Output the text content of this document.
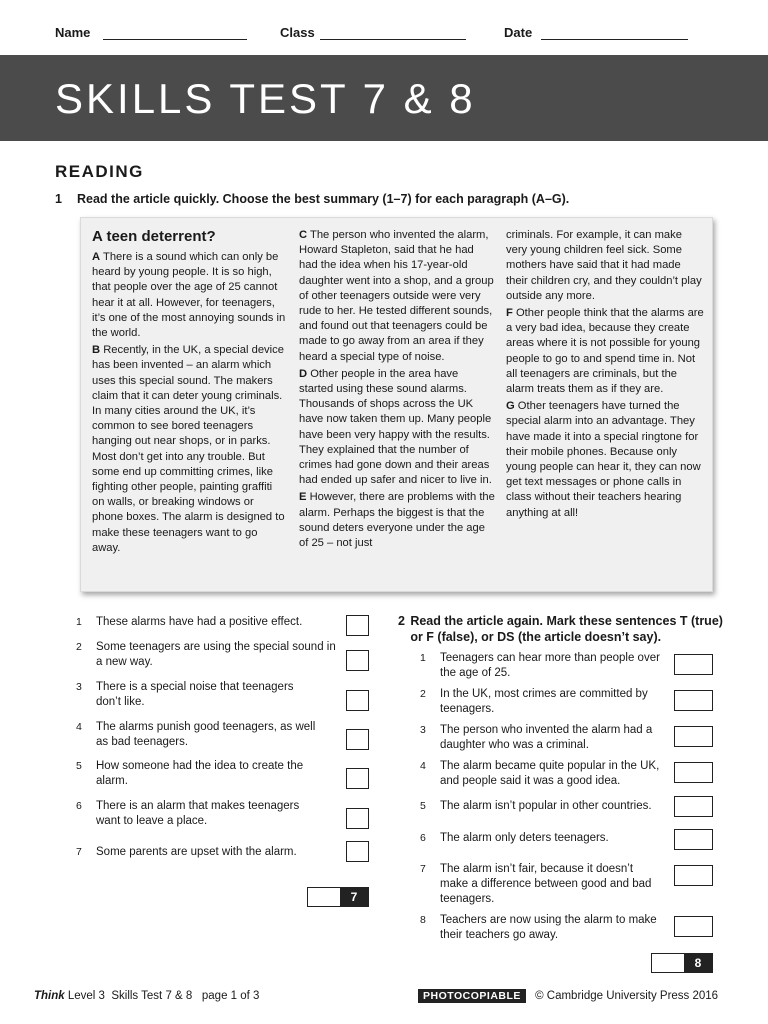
Name	Class	Date
SKILLS TEST 7 & 8
READING
1 Read the article quickly. Choose the best summary (1–7) for each paragraph (A–G).
A teen deterrent?

A There is a sound which can only be heard by young people. It is so high, that people over the age of 25 cannot hear it at all. However, for teenagers, it’s one of the most annoying sounds in the world.

B Recently, in the UK, a special device has been invented – an alarm which uses this special sound. The makers claim that it can deter young criminals. In many cities around the UK, it’s common to see bored teenagers hanging out near shops, or in parks. Most don’t get into any trouble. But some end up committing crimes, like fighting other people, painting graffiti on walls, or breaking windows or phone boxes. The alarm is designed to make these teenagers want to go away.

C The person who invented the alarm, Howard Stapleton, said that he had had the idea when his 17-year-old daughter went into a shop, and a group of other teenagers outside were very rude to her. He tested different sounds, and found out that teenagers could be made to go away from an area if they heard a special type of noise.

D Other people in the area have started using these sound alarms. Thousands of shops across the UK have now taken them up. Many people have been very happy with the results. They explained that the number of crimes had gone down and their areas had ended up safer and nicer to live in.

E However, there are problems with the alarm. Perhaps the biggest is that the sound deters everyone under the age of 25 – not just

criminals. For example, it can make very young children feel sick. Some mothers have said that it had made their children cry, and they couldn’t play outside any more.

F Other people think that the alarms are a very bad idea, because they create areas where it is not possible for young people to go to and spend time in. Not all teenagers are criminals, but the alarm treats them as if they are.

G Other teenagers have turned the special alarm into an advantage. They have made it into a special ringtone for their mobile phones. Because only young people can hear it, they can now get text messages or phone calls in class without their teachers hearing anything at all!

1	These alarms have had a positive effect.
2	Some teenagers are using the special sound in a new way.
3	There is a special noise that teenagers don’t like.
4	The alarms punish good teenagers, as well as bad teenagers.
5	How someone had the idea to create the alarm.
6	There is an alarm that makes teenagers want to leave a place.
7	Some parents are upset with the alarm.
7
2 Read the article again. Mark these sentences T (true) or F (false), or DS (the article doesn’t say).
1	Teenagers can hear more than people over the age of 25.
2	In the UK, most crimes are committed by teenagers.
3	The person who invented the alarm had a daughter who was a criminal.
4	The alarm became quite popular in the UK, and people said it was a good idea.
5	The alarm isn’t popular in other countries.
6	The alarm only deters teenagers.
7	The alarm isn’t fair, because it doesn’t make a difference between good and bad teenagers.
8	Teachers are now using the alarm to make their teachers go away.
8
Think Level 3  Skills Test 7 & 8   page 1 of 3	PHOTOCOPIABLE © Cambridge University Press 2016
